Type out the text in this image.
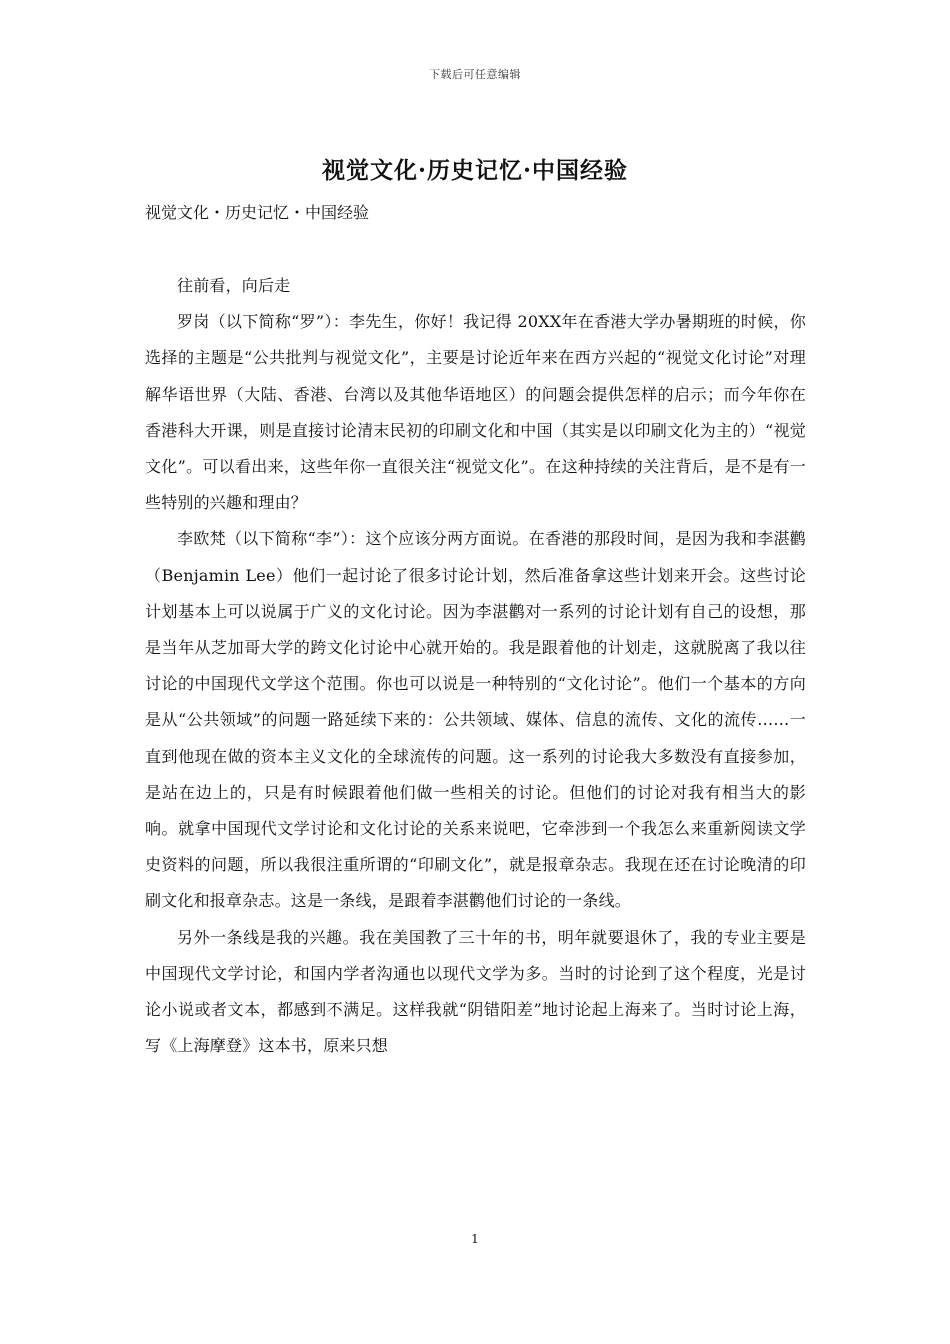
下载后可任意编辑
视觉文化·历史记忆·中国经验
视觉文化・历史记忆・中国经验

往前看，向后走

罗岗（以下简称“罗”）：李先生，你好！我记得 20XX年在香港大学办暑期班的时候，你选择的主题是“公共批判与视觉文化”，主要是讨论近年来在西方兴起的“视觉文化讨论”对理解华语世界（大陆、香港、台湾以及其他华语地区）的问题会提供怎样的启示；而今年你在香港科大开课，则是直接讨论清末民初的印刷文化和中国（其实是以印刷文化为主的）“视觉文化”。可以看出来，这些年你一直很关注“视觉文化”。在这种持续的关注背后，是不是有一些特别的兴趣和理由？

李欧梵（以下简称“李”）：这个应该分两方面说。在香港的那段时间，是因为我和李湛鹳（Benjamin Lee）他们一起讨论了很多讨论计划，然后准备拿这些计划来开会。这些讨论计划基本上可以说属于广义的文化讨论。因为李湛鹳对一系列的讨论计划有自己的设想，那是当年从芝加哥大学的跨文化讨论中心就开始的。我是跟着他的计划走，这就脱离了我以往讨论的中国现代文学这个范围。你也可以说是一种特别的“文化讨论”。他们一个基本的方向是从“公共领域”的问题一路延续下来的：公共领域、媒体、信息的流传、文化的流传……一直到他现在做的资本主义文化的全球流传的问题。这一系列的讨论我大多数没有直接参加，是站在边上的，只是有时候跟着他们做一些相关的讨论。但他们的讨论对我有相当大的影响。就拿中国现代文学讨论和文化讨论的关系来说吧，它牵涉到一个我怎么来重新阅读文学史资料的问题，所以我很注重所谓的“印刷文化”，就是报章杂志。我现在还在讨论晚清的印刷文化和报章杂志。这是一条线，是跟着李湛鹳他们讨论的一条线。

另外一条线是我的兴趣。我在美国教了三十年的书，明年就要退休了，我的专业主要是中国现代文学讨论，和国内学者沟通也以现代文学为多。当时的讨论到了这个程度，光是讨论小说或者文本，都感到不满足。这样我就“阴错阳差”地讨论起上海来了。当时讨论上海，写《上海摩登》这本书，原来只想

1
